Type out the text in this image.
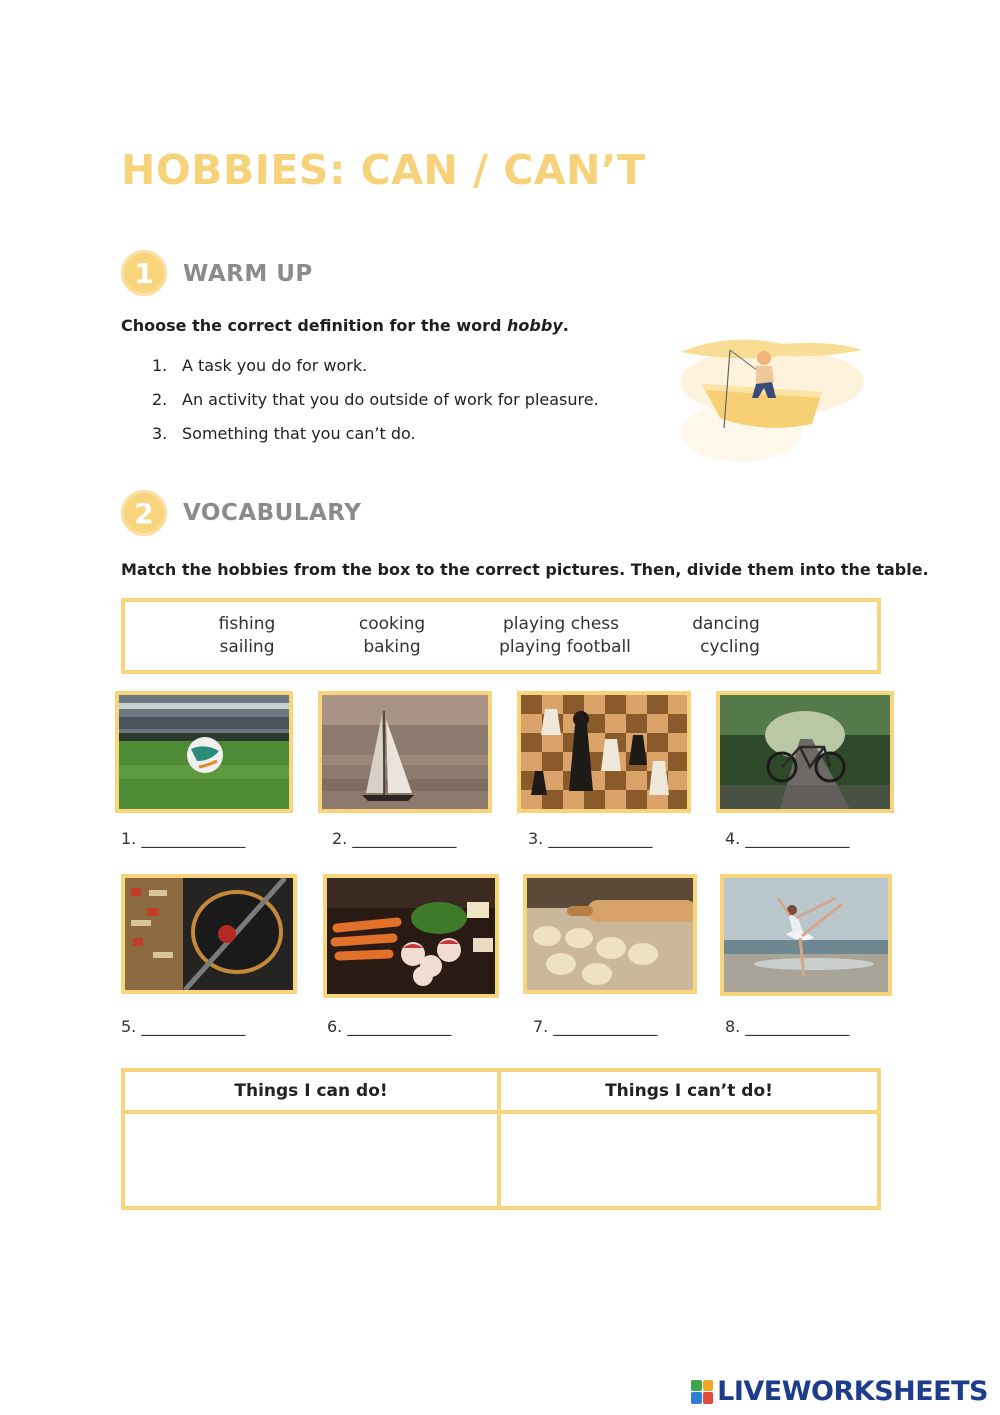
HOBBIES: CAN / CAN’T
1	WARM UP
Choose the correct definition for the word hobby.
1. A task you do for work.
2. An activity that you do outside of work for pleasure.
3. Something that you can’t do.
2	VOCABULARY
Match the hobbies from the box to the correct pictures. Then, divide them into the table.
fishing	cooking	playing chess	dancing
sailing	baking	playing football	cycling
1. _____________	2. _____________	3. _____________	4. _____________
5. _____________	6. _____________	7. _____________	8. _____________
Things I can do!	Things I can’t do!
LIVEWORKSHEETS
